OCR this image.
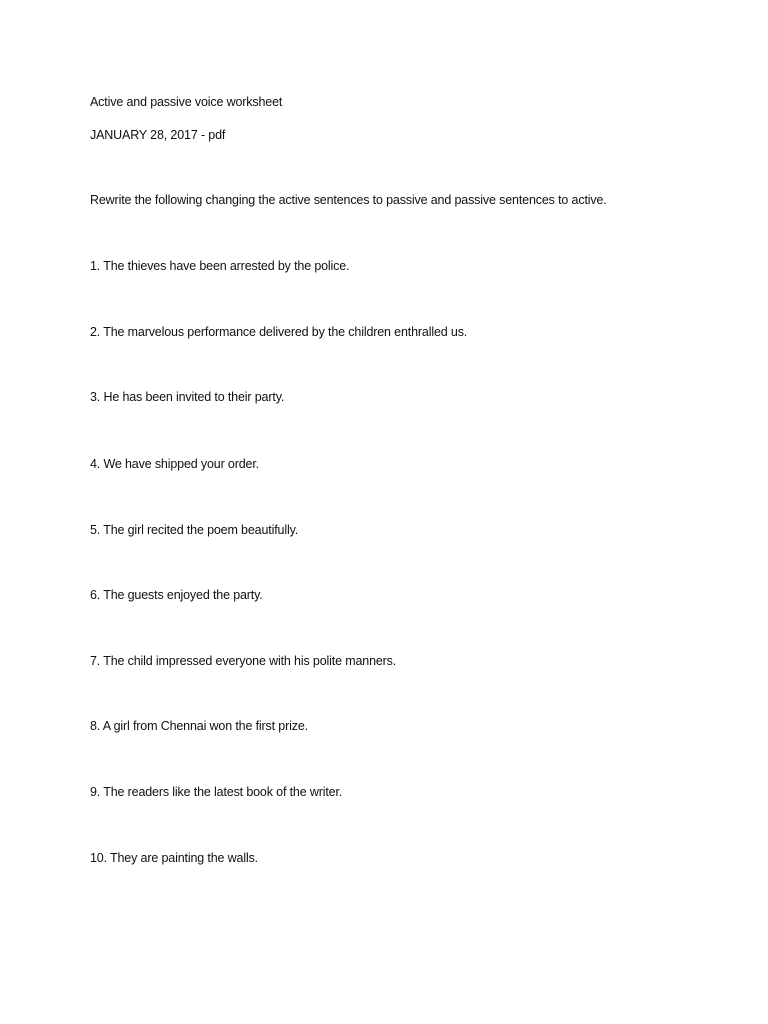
Active and passive voice worksheet
JANUARY 28, 2017 - pdf
Rewrite the following changing the active sentences to passive and passive sentences to active.
1. The thieves have been arrested by the police.
2. The marvelous performance delivered by the children enthralled us.
3. He has been invited to their party.
4. We have shipped your order.
5. The girl recited the poem beautifully.
6. The guests enjoyed the party.
7. The child impressed everyone with his polite manners.
8. A girl from Chennai won the first prize.
9. The readers like the latest book of the writer.
10. They are painting the walls.
